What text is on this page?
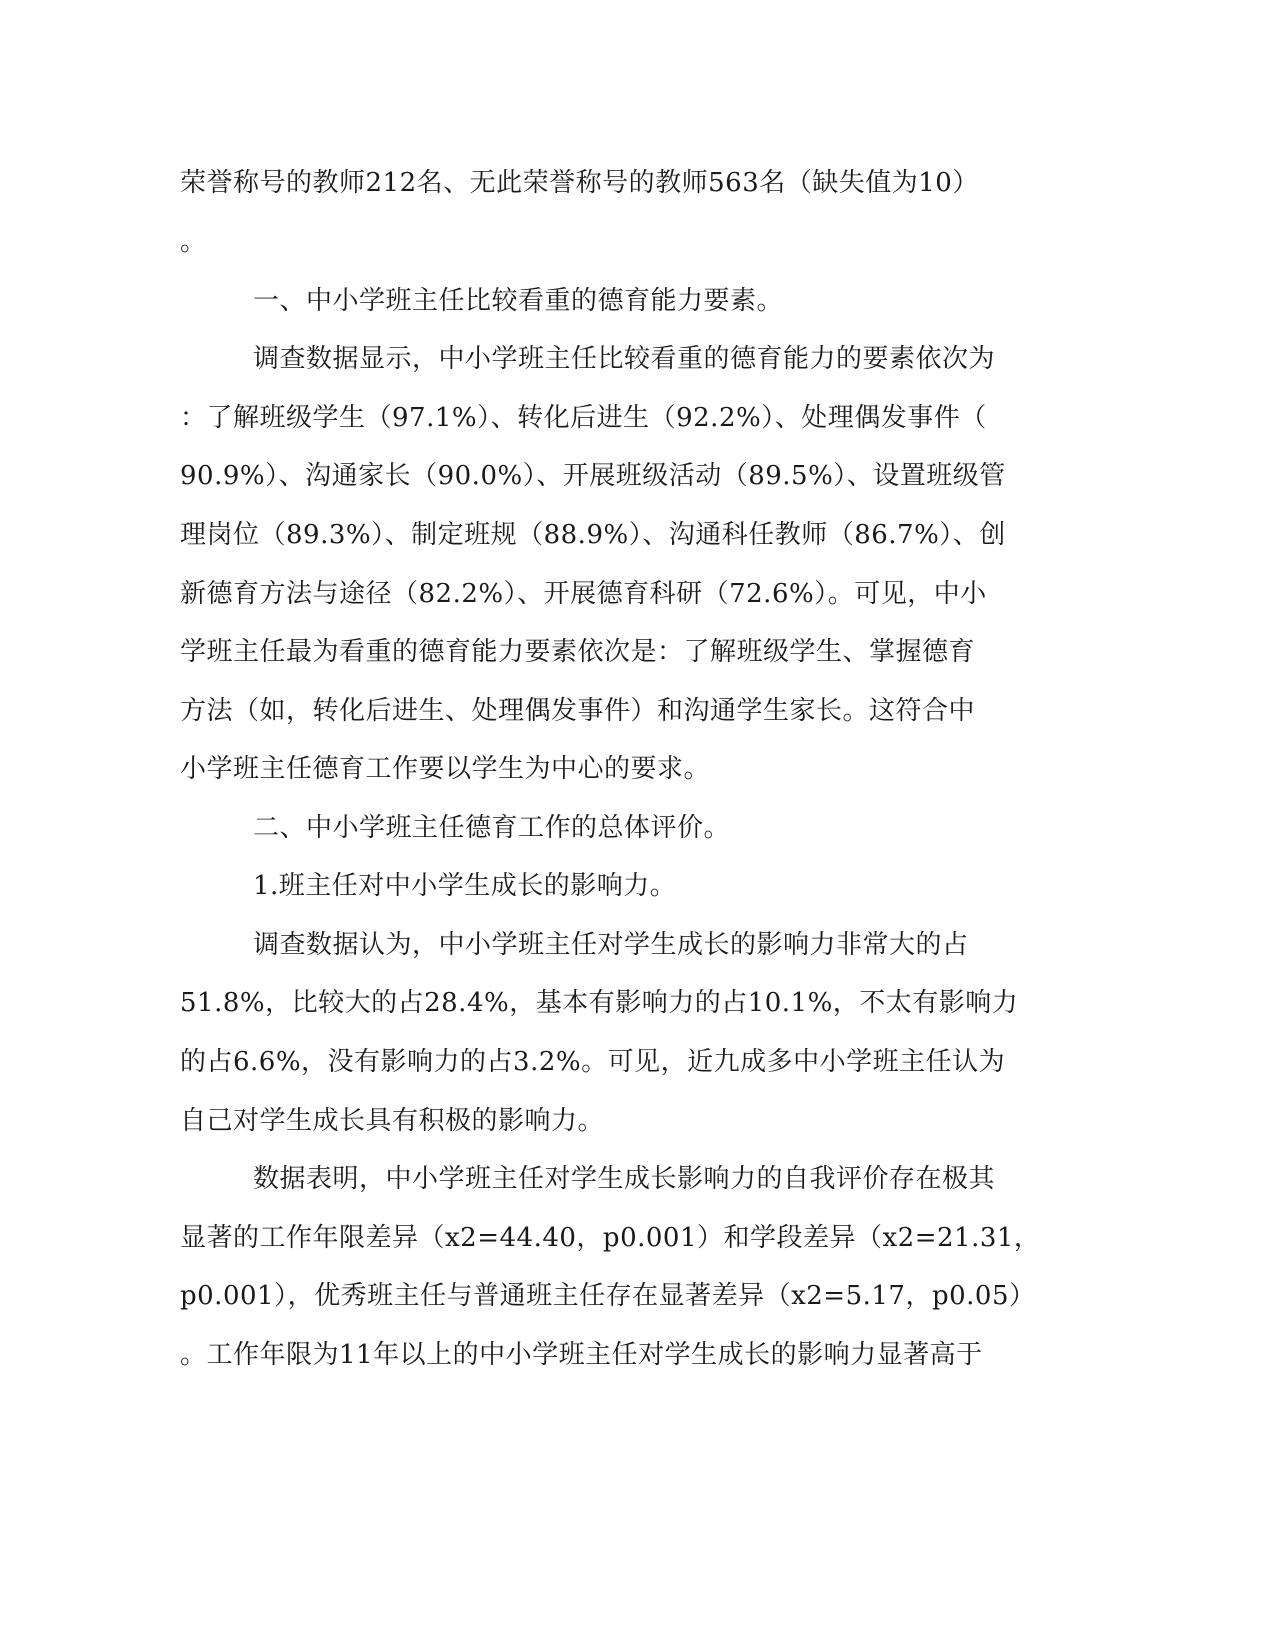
荣誉称号的教师212名、无此荣誉称号的教师563名（缺失值为10）
。
一、中小学班主任比较看重的德育能力要素。
调查数据显示，中小学班主任比较看重的德育能力的要素依次为
：了解班级学生（97.1%）、转化后进生（92.2%）、处理偶发事件（
90.9%）、沟通家长（90.0%）、开展班级活动（89.5%）、设置班级管
理岗位（89.3%）、制定班规（88.9%）、沟通科任教师（86.7%）、创
新德育方法与途径（82.2%）、开展德育科研（72.6%）。可见，中小
学班主任最为看重的德育能力要素依次是：了解班级学生、掌握德育
方法（如，转化后进生、处理偶发事件）和沟通学生家长。这符合中
小学班主任德育工作要以学生为中心的要求。
二、中小学班主任德育工作的总体评价。
1.班主任对中小学生成长的影响力。
调查数据认为，中小学班主任对学生成长的影响力非常大的占
51.8%，比较大的占28.4%，基本有影响力的占10.1%，不太有影响力
的占6.6%，没有影响力的占3.2%。可见，近九成多中小学班主任认为
自己对学生成长具有积极的影响力。
数据表明，中小学班主任对学生成长影响力的自我评价存在极其
显著的工作年限差异（x2=44.40，p0.001）和学段差异（x2=21.31，
p0.001），优秀班主任与普通班主任存在显著差异（x2=5.17，p0.05）
。工作年限为11年以上的中小学班主任对学生成长的影响力显著高于
